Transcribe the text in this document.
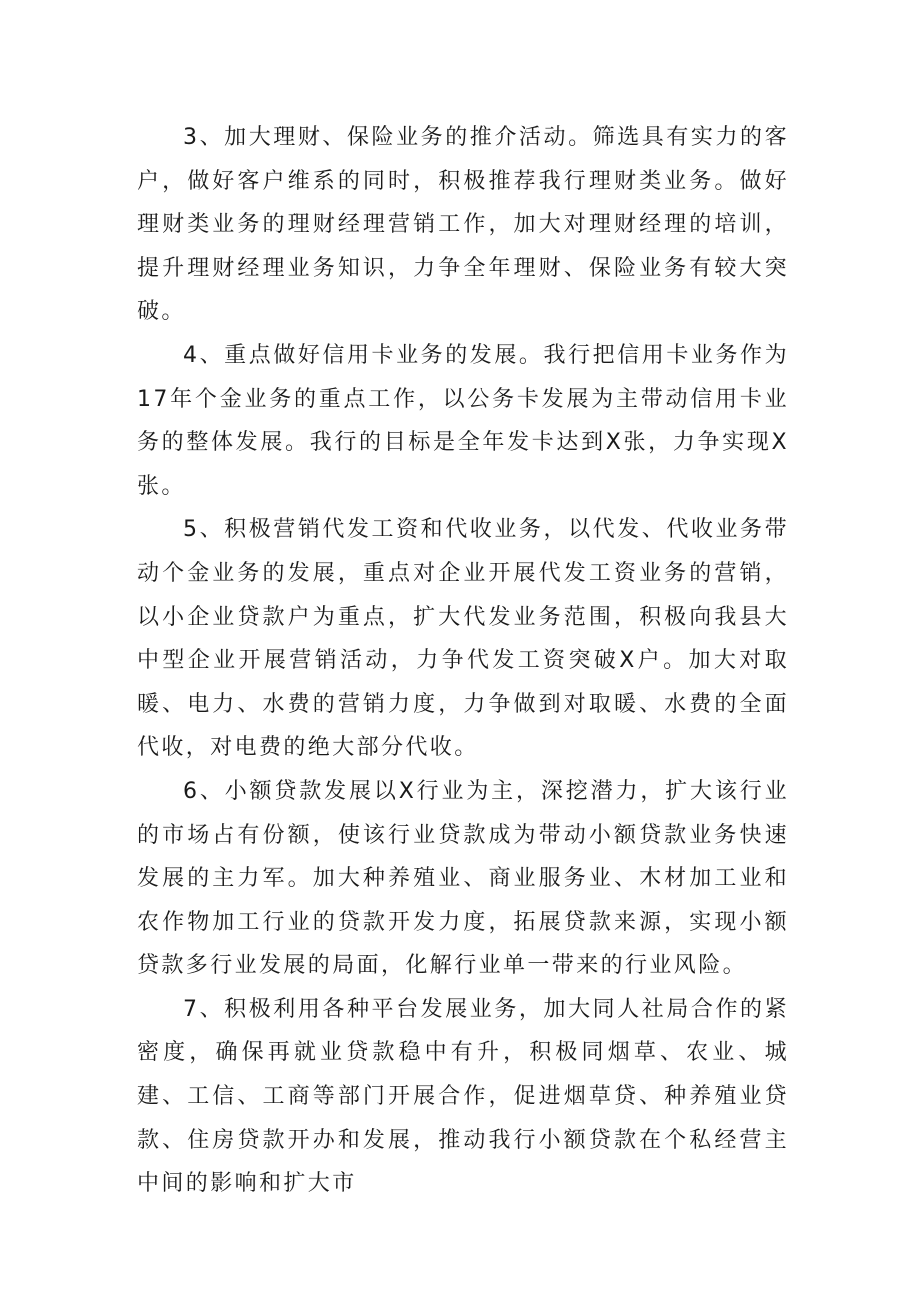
3、加大理财、保险业务的推介活动。筛选具有实力的客户，做好客户维系的同时，积极推荐我行理财类业务。做好理财类业务的理财经理营销工作，加大对理财经理的培训，提升理财经理业务知识，力争全年理财、保险业务有较大突破。

4、重点做好信用卡业务的发展。我行把信用卡业务作为17年个金业务的重点工作，以公务卡发展为主带动信用卡业务的整体发展。我行的目标是全年发卡达到X张，力争实现X张。

5、积极营销代发工资和代收业务，以代发、代收业务带动个金业务的发展，重点对企业开展代发工资业务的营销，以小企业贷款户为重点，扩大代发业务范围，积极向我县大中型企业开展营销活动，力争代发工资突破X户。加大对取暖、电力、水费的营销力度，力争做到对取暖、水费的全面代收，对电费的绝大部分代收。

6、小额贷款发展以X行业为主，深挖潜力，扩大该行业的市场占有份额，使该行业贷款成为带动小额贷款业务快速发展的主力军。加大种养殖业、商业服务业、木材加工业和农作物加工行业的贷款开发力度，拓展贷款来源，实现小额贷款多行业发展的局面，化解行业单一带来的行业风险。

7、积极利用各种平台发展业务，加大同人社局合作的紧密度，确保再就业贷款稳中有升，积极同烟草、农业、城建、工信、工商等部门开展合作，促进烟草贷、种养殖业贷款、住房贷款开办和发展，推动我行小额贷款在个私经营主中间的影响和扩大市
